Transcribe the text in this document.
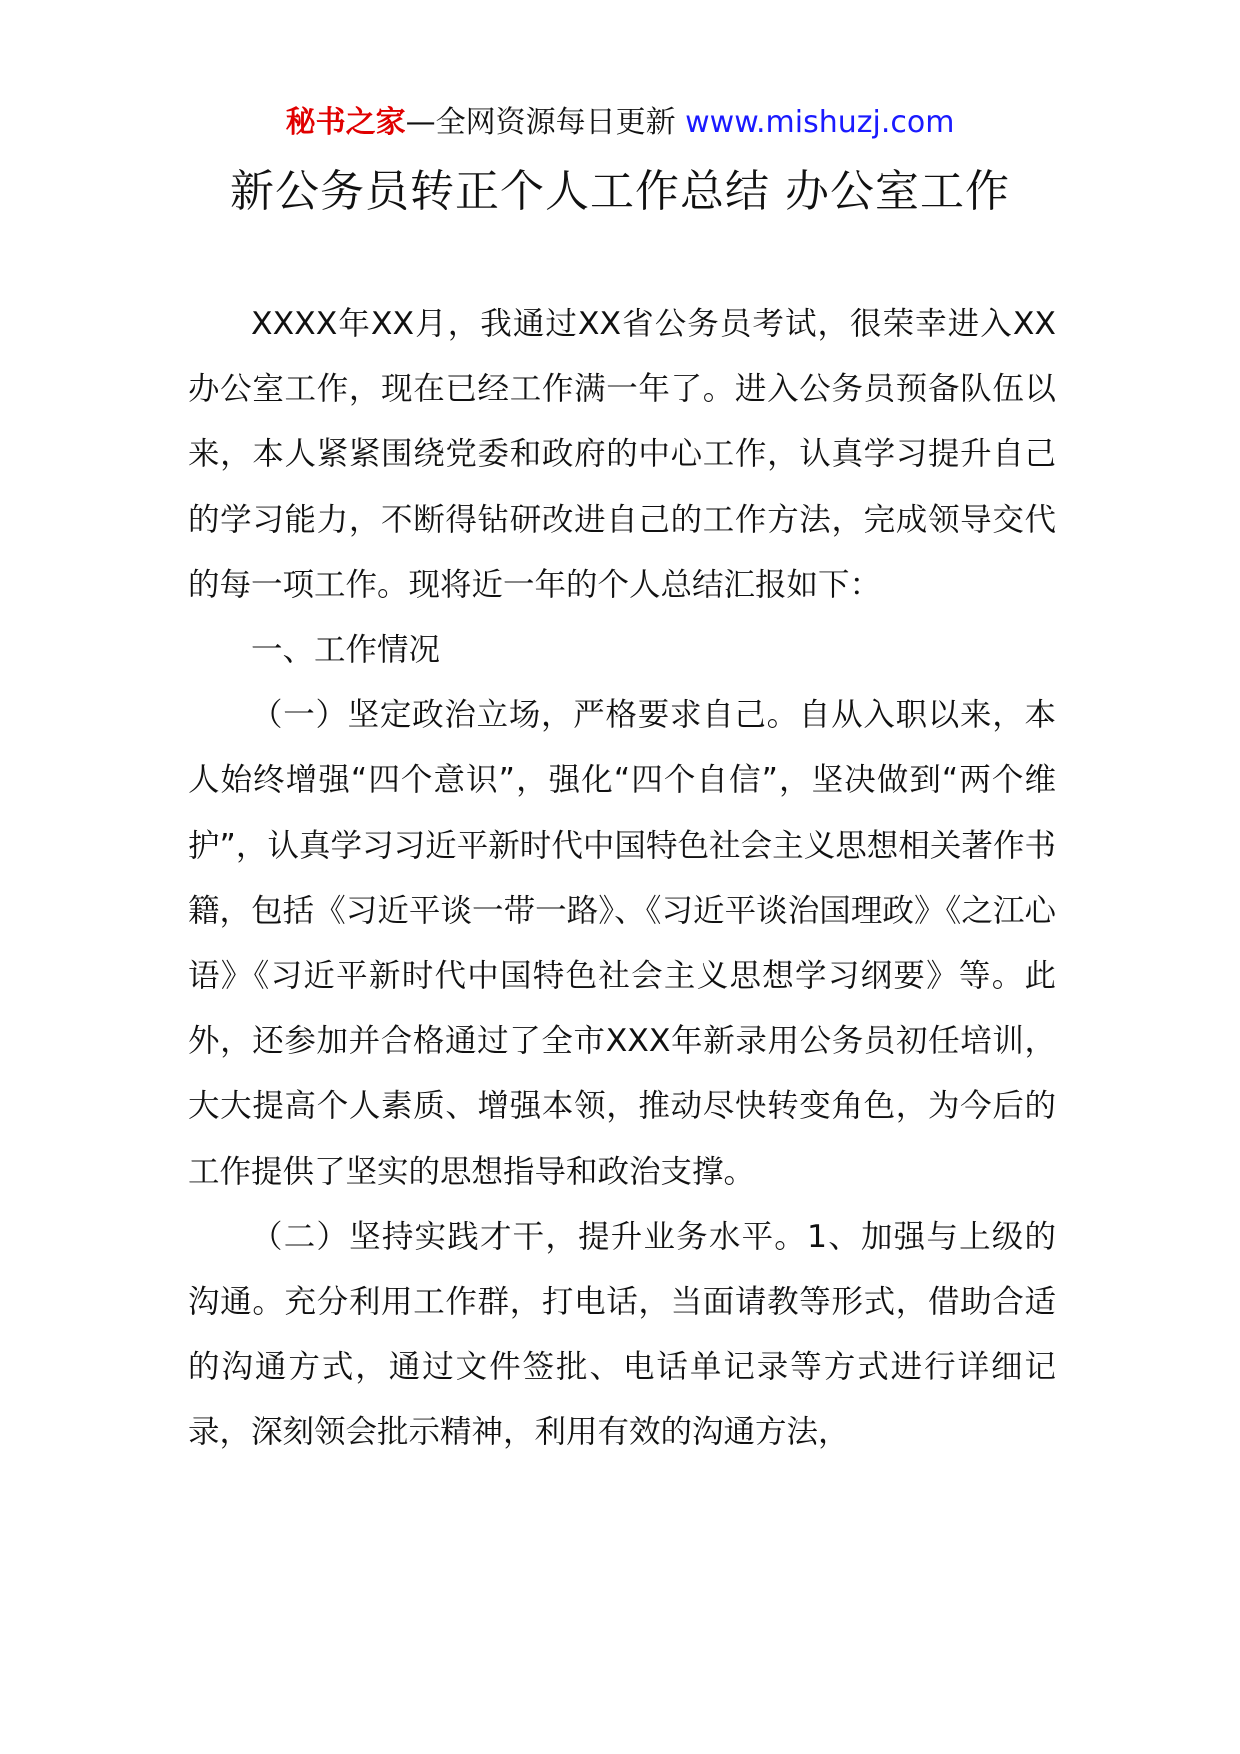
秘书之家—全网资源每日更新 www.mishuzj.com
新公务员转正个人工作总结 办公室工作

XXXX年XX月，我通过XX省公务员考试，很荣幸进入XX办公室工作，现在已经工作满一年了。进入公务员预备队伍以来，本人紧紧围绕党委和政府的中心工作，认真学习提升自己的学习能力，不断得钻研改进自己的工作方法，完成领导交代的每一项工作。现将近一年的个人总结汇报如下：

一、工作情况

（一）坚定政治立场，严格要求自己。自从入职以来，本人始终增强“四个意识”，强化“四个自信”，坚决做到“两个维护”，认真学习习近平新时代中国特色社会主义思想相关著作书籍，包括《习近平谈一带一路》、《习近平谈治国理政》《之江心语》《习近平新时代中国特色社会主义思想学习纲要》等。此外，还参加并合格通过了全市XXX年新录用公务员初任培训，大大提高个人素质、增强本领，推动尽快转变角色，为今后的工作提供了坚实的思想指导和政治支撑。

（二）坚持实践才干，提升业务水平。1、加强与上级的沟通。充分利用工作群，打电话，当面请教等形式，借助合适的沟通方式，通过文件签批、电话单记录等方式进行详细记录，深刻领会批示精神，利用有效的沟通方法，
